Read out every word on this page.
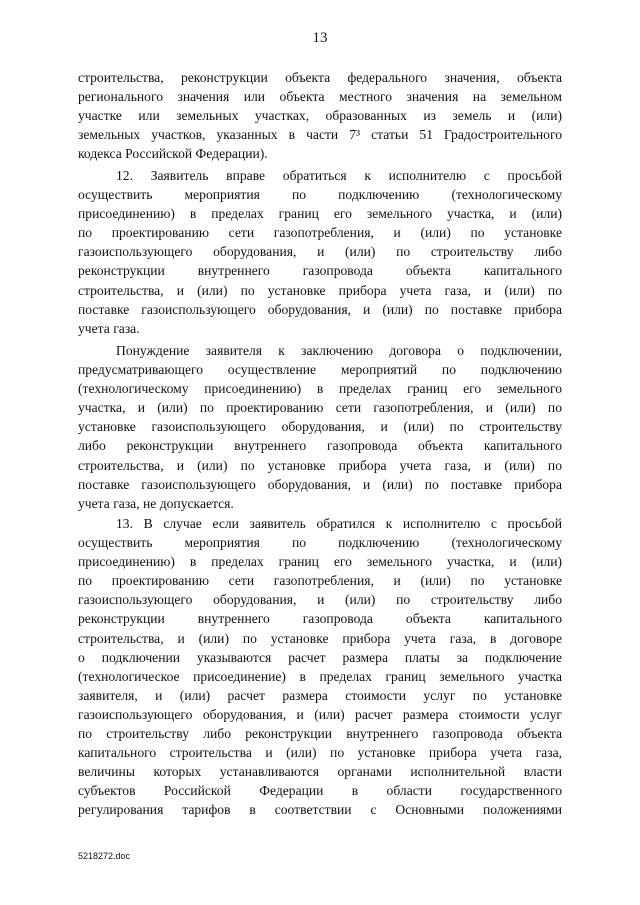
13
строительства, реконструкции объекта федерального значения, объекта
регионального значения или объекта местного значения на земельном
участке или земельных участках, образованных из земель и (или)
земельных участков, указанных в части 7³ статьи 51 Градостроительного
кодекса Российской Федерации).
12. Заявитель вправе обратиться к исполнителю с просьбой
осуществить мероприятия по подключению (технологическому
присоединению) в пределах границ его земельного участка, и (или)
по проектированию сети газопотребления, и (или) по установке
газоиспользующего оборудования, и (или) по строительству либо
реконструкции внутреннего газопровода объекта капитального
строительства, и (или) по установке прибора учета газа, и (или) по
поставке газоиспользующего оборудования, и (или) по поставке прибора
учета газа.
Понуждение заявителя к заключению договора о подключении,
предусматривающего осуществление мероприятий по подключению
(технологическому присоединению) в пределах границ его земельного
участка, и (или) по проектированию сети газопотребления, и (или) по
установке газоиспользующего оборудования, и (или) по строительству
либо реконструкции внутреннего газопровода объекта капитального
строительства, и (или) по установке прибора учета газа, и (или) по
поставке газоиспользующего оборудования, и (или) по поставке прибора
учета газа, не допускается.
13. В случае если заявитель обратился к исполнителю с просьбой
осуществить мероприятия по подключению (технологическому
присоединению) в пределах границ его земельного участка, и (или)
по проектированию сети газопотребления, и (или) по установке
газоиспользующего оборудования, и (или) по строительству либо
реконструкции внутреннего газопровода объекта капитального
строительства, и (или) по установке прибора учета газа, в договоре
о подключении указываются расчет размера платы за подключение
(технологическое присоединение) в пределах границ земельного участка
заявителя, и (или) расчет размера стоимости услуг по установке
газоиспользующего оборудования, и (или) расчет размера стоимости услуг
по строительству либо реконструкции внутреннего газопровода объекта
капитального строительства и (или) по установке прибора учета газа,
величины которых устанавливаются органами исполнительной власти
субъектов Российской Федерации в области государственного
регулирования тарифов в соответствии с Основными положениями
5218272.doc
